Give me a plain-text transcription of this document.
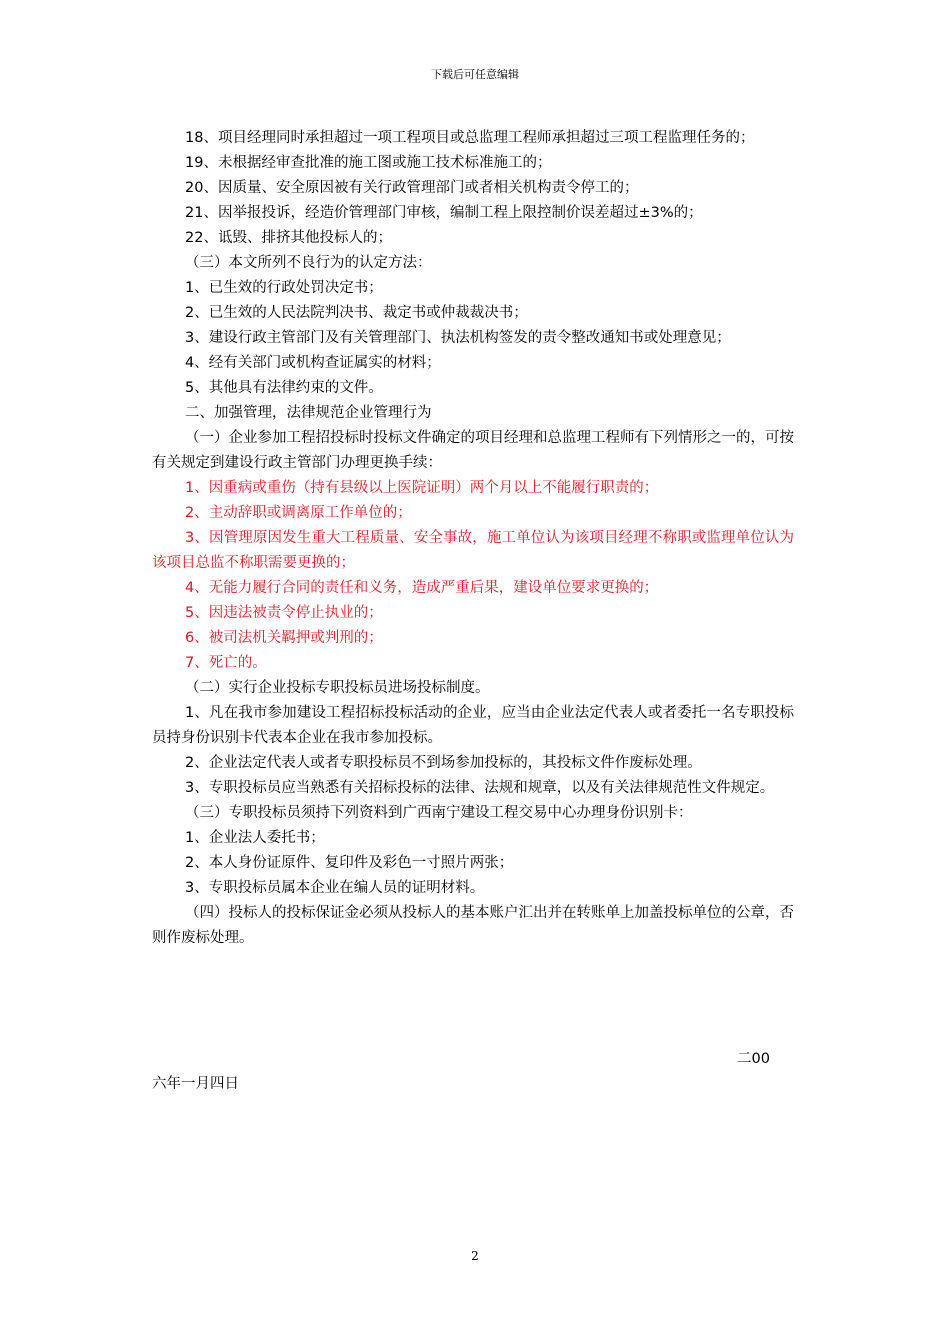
下载后可任意编辑

18、项目经理同时承担超过一项工程项目或总监理工程师承担超过三项工程监理任务的；

19、未根据经审查批准的施工图或施工技术标准施工的；

20、因质量、安全原因被有关行政管理部门或者相关机构责令停工的；

21、因举报投诉，经造价管理部门审核，编制工程上限控制价误差超过±3%的；

22、诋毁、排挤其他投标人的；

（三）本文所列不良行为的认定方法：

1、已生效的行政处罚决定书；

2、已生效的人民法院判决书、裁定书或仲裁裁决书；

3、建设行政主管部门及有关管理部门、执法机构签发的责令整改通知书或处理意见；

4、经有关部门或机构查证属实的材料；

5、其他具有法律约束的文件。

二、加强管理，法律规范企业管理行为

（一）企业参加工程招投标时投标文件确定的项目经理和总监理工程师有下列情形之一的，可按有关规定到建设行政主管部门办理更换手续：

1、因重病或重伤（持有县级以上医院证明）两个月以上不能履行职责的；

2、主动辞职或调离原工作单位的；

3、因管理原因发生重大工程质量、安全事故，施工单位认为该项目经理不称职或监理单位认为该项目总监不称职需要更换的；

4、无能力履行合同的责任和义务，造成严重后果，建设单位要求更换的；

5、因违法被责令停止执业的；

6、被司法机关羁押或判刑的；

7、死亡的。

（二）实行企业投标专职投标员进场投标制度。

1、凡在我市参加建设工程招标投标活动的企业，应当由企业法定代表人或者委托一名专职投标员持身份识别卡代表本企业在我市参加投标。

2、企业法定代表人或者专职投标员不到场参加投标的，其投标文件作废标处理。

3、专职投标员应当熟悉有关招标投标的法律、法规和规章，以及有关法律规范性文件规定。

（三）专职投标员须持下列资料到广西南宁建设工程交易中心办理身份识别卡：

1、企业法人委托书；

2、本人身份证原件、复印件及彩色一寸照片两张；

3、专职投标员属本企业在编人员的证明材料。

（四）投标人的投标保证金必须从投标人的基本账户汇出并在转账单上加盖投标单位的公章，否则作废标处理。

二00
六年一月四日
2
